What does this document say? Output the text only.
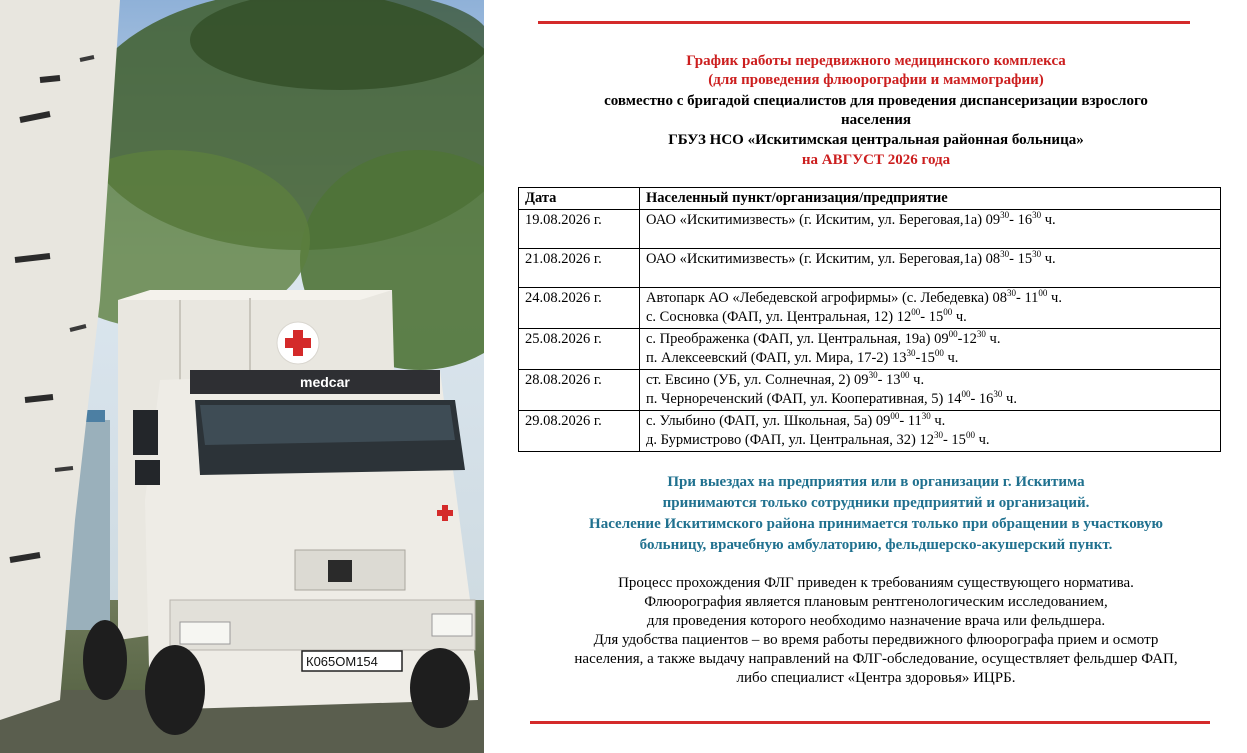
medcar
К065ОМ154
График работы передвижного медицинского комплекса
(для проведения флюорографии и маммографии)
совместно с бригадой специалистов для проведения диспансеризации взрослого
населения
ГБУЗ НСО «Искитимская центральная районная больница»
на АВГУСТ 2026 года
Дата	Населенный пункт/организация/предприятие
19.08.2026 г.	ОАО «Искитимизвесть» (г. Искитим, ул. Береговая,1а) $09^{30}-$ $16^{30}$ ч.

21.08.2026 г.	ОАО «Искитимизвесть» (г. Искитим, ул. Береговая,1а) $08^{30}-$ $15^{30}$ ч.

24.08.2026 г.	Автопарк АО «Лебедевской агрофирмы» (с. Лебедевка) $08^{30}-$ $11^{00}$ ч.
с. Сосновка (ФАП, ул. Центральная, 12) $12^{00}-$ $15^{00}$ ч.

25.08.2026 г.	с. Преображенка (ФАП, ул. Центральная, 19а) $09^{00}-12^{30}$ ч.
п. Алексеевский (ФАП, ул. Мира, 17-2) $13^{30}-15^{00}$ ч.

28.08.2026 г.	ст. Евсино (УБ, ул. Солнечная, 2) $09^{30}-$ $13^{00}$ ч.
п. Чернореченский (ФАП, ул. Кооперативная, 5) $14^{00}-$ $16^{30}$ ч.

29.08.2026 г.	с. Улыбино (ФАП, ул. Школьная, 5а) $09^{00}-$ $11^{30}$ ч.
д. Бурмистрово (ФАП, ул. Центральная, 32) $12^{30}-$ $15^{00}$ ч.
При выездах на предприятия или в организации г. Искитима
принимаются только сотрудники предприятий и организаций.
Население Искитимского района принимается только при обращении в участковую
больницу, врачебную амбулаторию, фельдшерско-акушерский пункт.
Процесс прохождения ФЛГ приведен к требованиям существующего норматива.
Флюорография является плановым рентгенологическим исследованием,
для проведения которого необходимо назначение врача или фельдшера.
Для удобства пациентов – во время работы передвижного флюорографа прием и осмотр
населения, а также выдачу направлений на ФЛГ-обследование, осуществляет фельдшер ФАП,
либо специалист «Центра здоровья» ИЦРБ.
